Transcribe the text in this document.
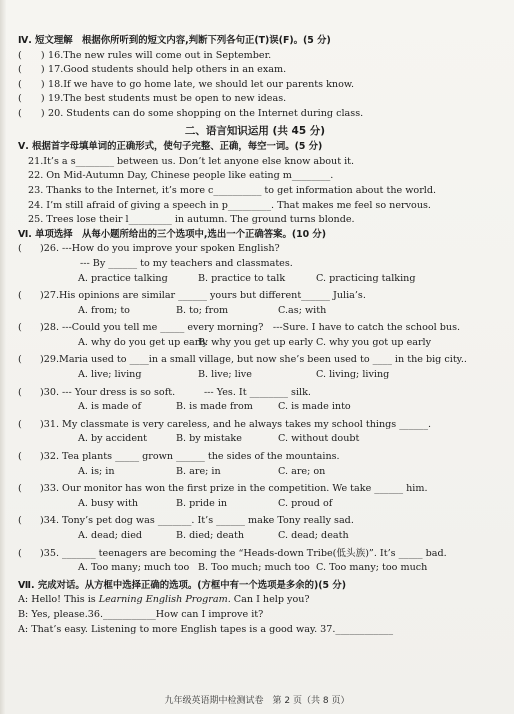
Ⅳ. 短文理解　根据你所听到的短文内容,判断下列各句正(T)误(F)。(5 分)
(　　) 16.The new rules will come out in September.
(　　) 17.Good students should help others in an exam.
(　　) 18.If we have to go home late, we should let our parents know.
(　　) 19.The best students must be open to new ideas.
(　　) 20. Students can do some shopping on the Internet during class.
二、语言知识运用 (共 45 分)
Ⅴ. 根据首字母填单词的正确形式，使句子完整、正确，每空一词。(5 分)
21.It’s a s________ between us. Don’t let anyone else know about it.
22. On Mid-Autumn Day, Chinese people like eating m________.
23. Thanks to the Internet, it’s more c__________ to get information about the world.
24. I’m still afraid of giving a speech in p_________. That makes me feel so nervous.
25. Trees lose their l_________ in autumn. The ground turns blonde.
Ⅵ. 单项选择　从每小题所给出的三个选项中,选出一个正确答案。(10 分)
(	)26. ---How do you improve your spoken English?
--- By ______ to my teachers and classmates.
A. practice talking	B. practice to talk	C. practicing talking
(	)27.His opinions are similar ______ yours but different______ Julia’s.
A. from; to	B. to; from	C.as; with
(	)28. ---Could you tell me _____ every morning?　---Sure. I have to catch the school bus.
A. why do you get up early
B. why you get up early C. why you got up early
(	)29.Maria used to ____in a small village, but now she’s been used to ____ in the big city..
A. live; living	B. live; live	C. living; living
(	)30. --- Your dress is so soft.　　　--- Yes. It ________ silk.
A. is made of	B. is made from	C. is made into
(	)31. My classmate is very careless, and he always takes my school things ______.
A. by accident	B. by mistake	C. without doubt
(	)32. Tea plants _____ grown ______ the sides of the mountains.
A. is; in	B. are; in	C. are; on
(	)33. Our monitor has won the first prize in the competition. We take ______ him.
A. busy with	B. pride in	C. proud of
(	)34. Tony’s pet dog was _______. It’s ______ make Tony really sad.
A. dead; died	B. died; death	C. dead; death
(	)35. _______ teenagers are becoming the “Heads-down Tribe(低头族)”. It’s _____ bad.
A. Too many; much too B. Too much; much too C. Too many; too much
Ⅶ. 完成对话。从方框中选择正确的选项。(方框中有一个选项是多余的)(5 分)
A: Hello! This is Learning English Program. Can I help you?
B: Yes, please.36.___________How can I improve it?
A: That’s easy. Listening to more English tapes is a good way. 37.____________
九年级英语期中检测试卷　第 2 页（共 8 页）
